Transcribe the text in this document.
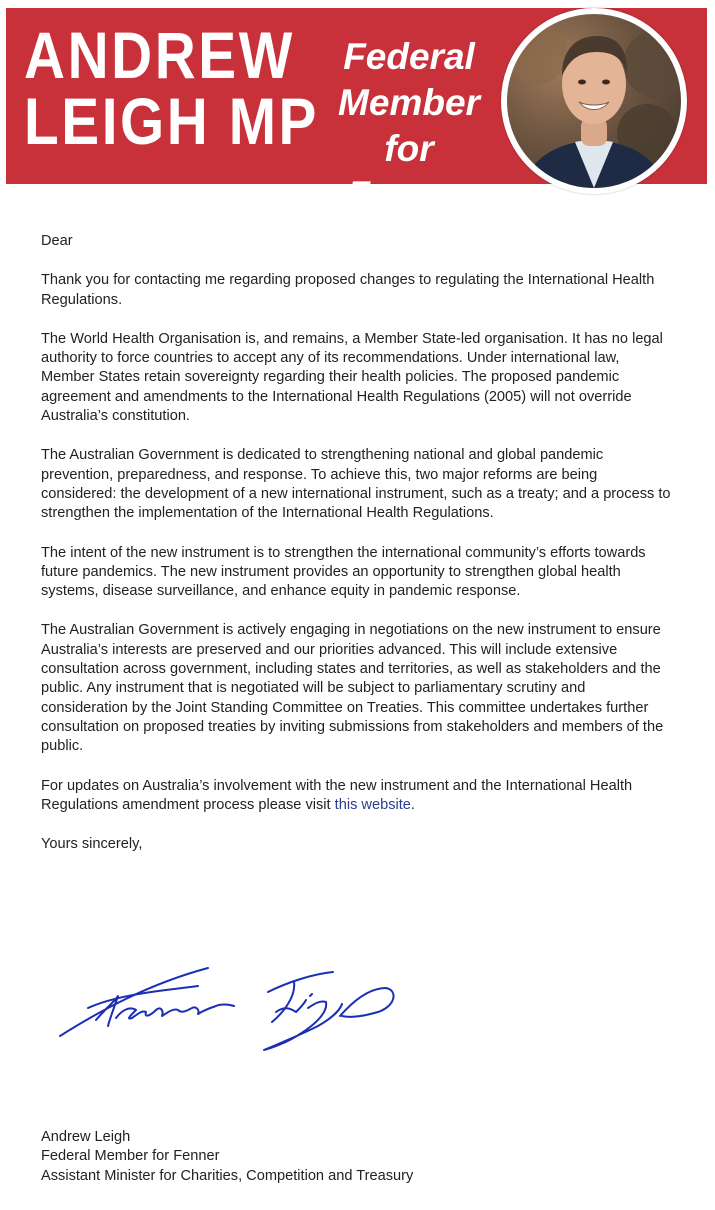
ANDREW
LEIGH MP
Federal
Member
for Fenner

Dear

Thank you for contacting me regarding proposed changes to regulating the International Health Regulations.

The World Health Organisation is, and remains, a Member State-led organisation. It has no legal authority to force countries to accept any of its recommendations. Under international law, Member States retain sovereignty regarding their health policies. The proposed pandemic agreement and amendments to the International Health Regulations (2005) will not override Australia’s constitution.

The Australian Government is dedicated to strengthening national and global pandemic prevention, preparedness, and response. To achieve this, two major reforms are being considered: the development of a new international instrument, such as a treaty; and a process to strengthen the implementation of the International Health Regulations.

The intent of the new instrument is to strengthen the international community’s efforts towards future pandemics. The new instrument provides an opportunity to strengthen global health systems, disease surveillance, and enhance equity in pandemic response.

The Australian Government is actively engaging in negotiations on the new instrument to ensure Australia’s interests are preserved and our priorities advanced. This will include extensive consultation across government, including states and territories, as well as stakeholders and the public. Any instrument that is negotiated will be subject to parliamentary scrutiny and consideration by the Joint Standing Committee on Treaties. This committee undertakes further consultation on proposed treaties by inviting submissions from stakeholders and members of the public.

For updates on Australia’s involvement with the new instrument and the International Health Regulations amendment process please visit this website.

Yours sincerely,

Andrew Leigh
Federal Member for Fenner
Assistant Minister for Charities, Competition and Treasury
